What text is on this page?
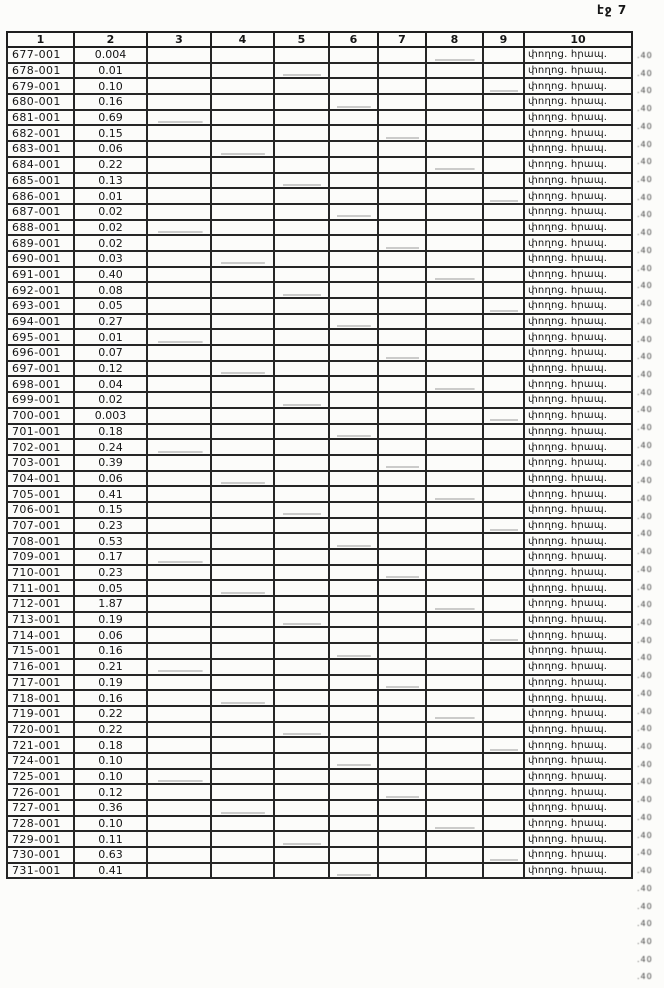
էջ 7
1	2	3	4	5	6	7	8	9	10
677-001	0.004								փողոց. հրապ.
678-001	0.01								փողոց. հրապ.
679-001	0.10								փողոց. հրապ.
680-001	0.16								փողոց. հրապ.
681-001	0.69								փողոց. հրապ.
682-001	0.15								փողոց. հրապ.
683-001	0.06								փողոց. հրապ.
684-001	0.22								փողոց. հրապ.
685-001	0.13								փողոց. հրապ.
686-001	0.01								փողոց. հրապ.
687-001	0.02								փողոց. հրապ.
688-001	0.02								փողոց. հրապ.
689-001	0.02								փողոց. հրապ.
690-001	0.03								փողոց. հրապ.
691-001	0.40								փողոց. հրապ.
692-001	0.08								փողոց. հրապ.
693-001	0.05								փողոց. հրապ.
694-001	0.27								փողոց. հրապ.
695-001	0.01								փողոց. հրապ.
696-001	0.07								փողոց. հրապ.
697-001	0.12								փողոց. հրապ.
698-001	0.04								փողոց. հրապ.
699-001	0.02								փողոց. հրապ.
700-001	0.003								փողոց. հրապ.
701-001	0.18								փողոց. հրապ.
702-001	0.24								փողոց. հրապ.
703-001	0.39								փողոց. հրապ.
704-001	0.06								փողոց. հրապ.
705-001	0.41								փողոց. հրապ.
706-001	0.15								փողոց. հրապ.
707-001	0.23								փողոց. հրապ.
708-001	0.53								փողոց. հրապ.
709-001	0.17								փողոց. հրապ.
710-001	0.23								փողոց. հրապ.
711-001	0.05								փողոց. հրապ.
712-001	1.87								փողոց. հրապ.
713-001	0.19								փողոց. հրապ.
714-001	0.06								փողոց. հրապ.
715-001	0.16								փողոց. հրապ.
716-001	0.21								փողոց. հրապ.
717-001	0.19								փողոց. հրապ.
718-001	0.16								փողոց. հրապ.
719-001	0.22								փողոց. հրապ.
720-001	0.22								փողոց. հրապ.
721-001	0.18								փողոց. հրապ.
724-001	0.10								փողոց. հրապ.
725-001	0.10								փողոց. հրապ.
726-001	0.12								փողոց. հրապ.
727-001	0.36								փողոց. հրապ.
728-001	0.10								փողոց. հրապ.
729-001	0.11								փողոց. հրապ.
730-001	0.63								փողոց. հրապ.
731-001	0.41								փողոց. հրապ.
.40
.40
.40
.40
.40
.40
.40
.40
.40
.40
.40
.40
.40
.40
.40
.40
.40
.40
.40
.40
.40
.40
.40
.40
.40
.40
.40
.40
.40
.40
.40
.40
.40
.40
.40
.40
.40
.40
.40
.40
.40
.40
.40
.40
.40
.40
.40
.40
.40
.40
.40
.40
.40
